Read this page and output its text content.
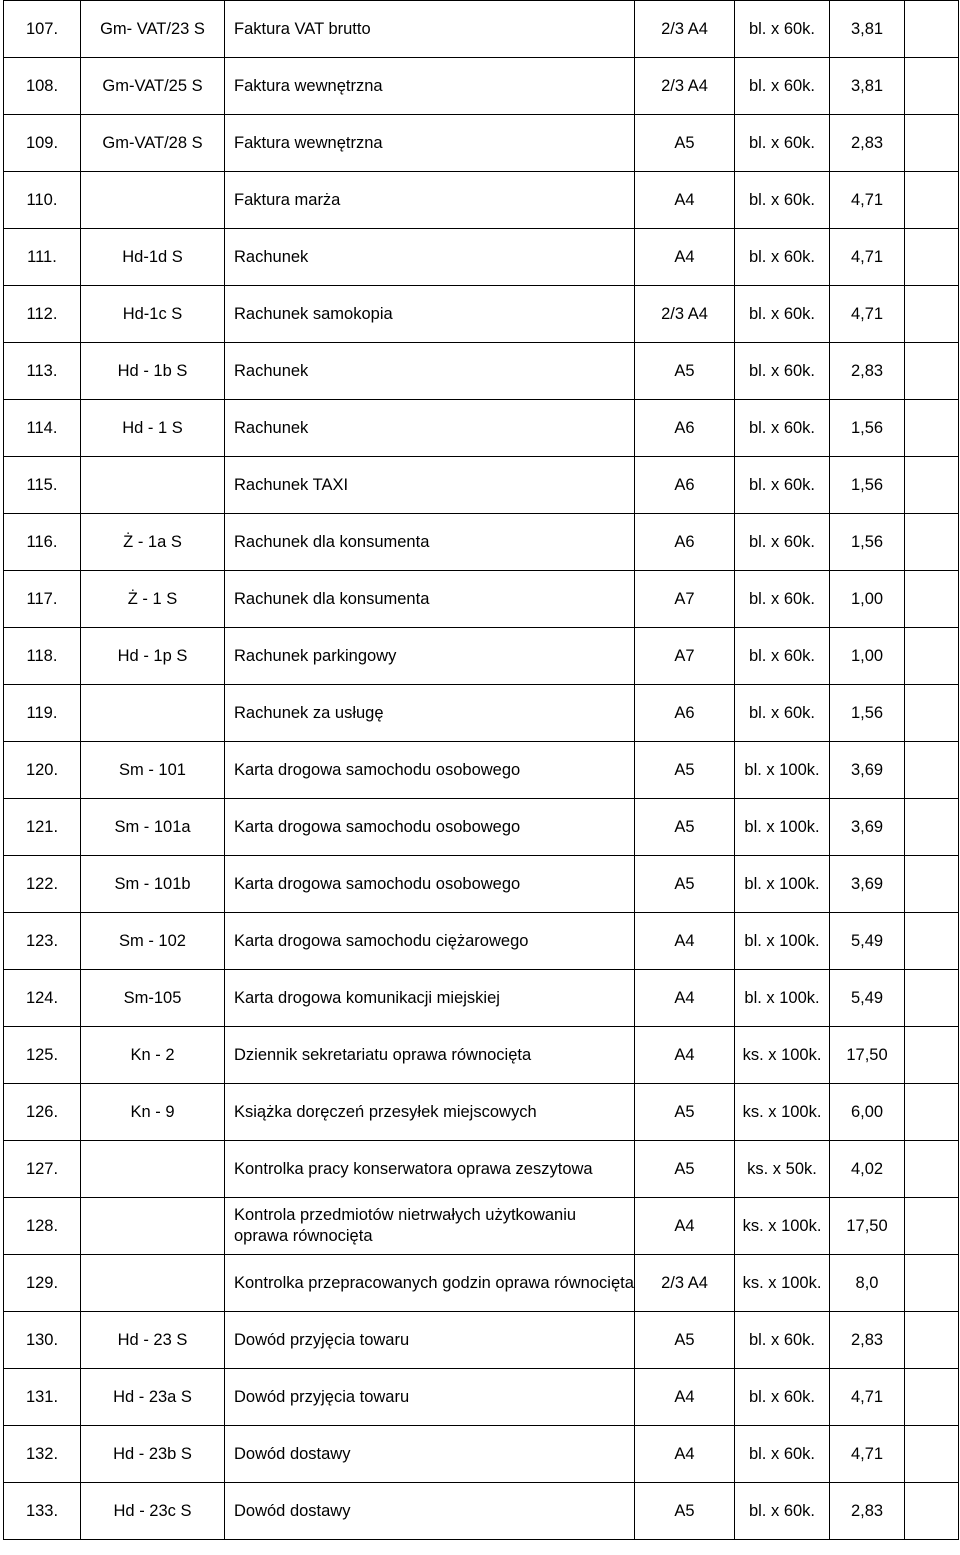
107.	Gm- VAT/23 S	Faktura VAT brutto	2/3 A4	bl. x 60k.	3,81	
108.	Gm-VAT/25 S	Faktura wewnętrzna	2/3 A4	bl. x 60k.	3,81	
109.	Gm-VAT/28 S	Faktura wewnętrzna	A5	bl. x 60k.	2,83	
110.		Faktura marża	A4	bl. x 60k.	4,71	
111.	Hd-1d S	Rachunek	A4	bl. x 60k.	4,71	
112.	Hd-1c S	Rachunek samokopia	2/3 A4	bl. x 60k.	4,71	
113.	Hd - 1b S	Rachunek	A5	bl. x 60k.	2,83	
114.	Hd - 1 S	Rachunek	A6	bl. x 60k.	1,56	
115.		Rachunek TAXI	A6	bl. x 60k.	1,56	
116.	Ż - 1a S	Rachunek dla konsumenta	A6	bl. x 60k.	1,56	
117.	Ż - 1 S	Rachunek dla konsumenta	A7	bl. x 60k.	1,00	
118.	Hd - 1p S	Rachunek parkingowy	A7	bl. x 60k.	1,00	
119.		Rachunek za usługę	A6	bl. x 60k.	1,56	
120.	Sm - 101	Karta drogowa samochodu osobowego	A5	bl. x 100k.	3,69	
121.	Sm - 101a	Karta drogowa samochodu osobowego	A5	bl. x 100k.	3,69	
122.	Sm - 101b	Karta drogowa samochodu osobowego	A5	bl. x 100k.	3,69	
123.	Sm - 102	Karta drogowa samochodu ciężarowego	A4	bl. x 100k.	5,49	
124.	Sm-105	Karta drogowa komunikacji miejskiej	A4	bl. x 100k.	5,49	
125.	Kn - 2	Dziennik sekretariatu oprawa równocięta	A4	ks. x 100k.	17,50	
126.	Kn - 9	Książka doręczeń przesyłek miejscowych	A5	ks. x 100k.	6,00	
127.		Kontrolka pracy konserwatora oprawa zeszytowa	A5	ks. x 50k.	4,02	
128.		Kontrola przedmiotów nietrwałych użytkowaniu oprawa równocięta	A4	ks. x 100k.	17,50	
129.		Kontrolka przepracowanych godzin oprawa równocięta	2/3 A4	ks. x 100k.	8,0	
130.	Hd - 23 S	Dowód przyjęcia towaru	A5	bl. x 60k.	2,83	
131.	Hd - 23a S	Dowód przyjęcia towaru	A4	bl. x 60k.	4,71	
132.	Hd - 23b S	Dowód dostawy	A4	bl. x 60k.	4,71	
133.	Hd - 23c S	Dowód dostawy	A5	bl. x 60k.	2,83	
